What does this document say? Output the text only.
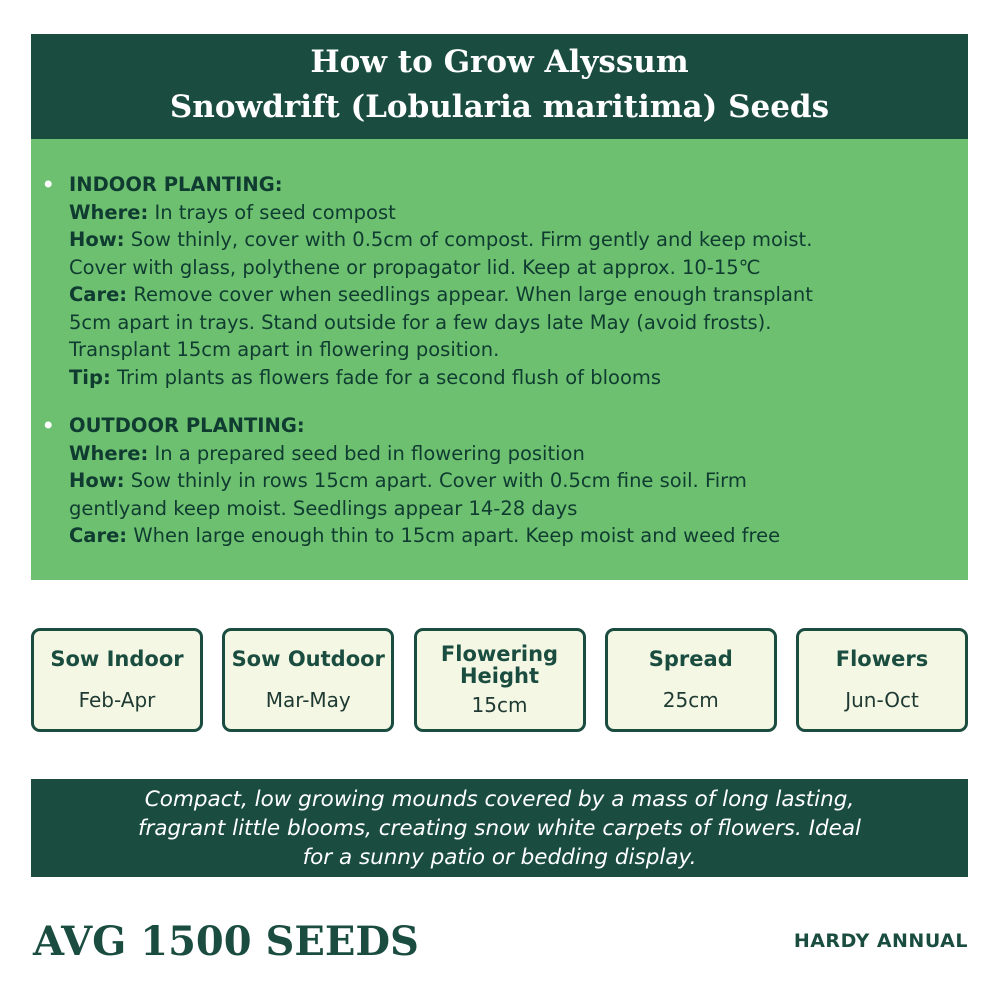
How to Grow Alyssum
Snowdrift (Lobularia maritima) Seeds
• INDOOR PLANTING:
Where: In trays of seed compost
How: Sow thinly, cover with 0.5cm of compost. Firm gently and keep moist.
Cover with glass, polythene or propagator lid. Keep at approx. 10-15℃
Care: Remove cover when seedlings appear. When large enough transplant
5cm apart in trays. Stand outside for a few days late May (avoid frosts).
Transplant 15cm apart in flowering position.
Tip: Trim plants as flowers fade for a second flush of blooms
• OUTDOOR PLANTING:
Where: In a prepared seed bed in flowering position
How: Sow thinly in rows 15cm apart. Cover with 0.5cm fine soil. Firm
gentlyand keep moist. Seedlings appear 14-28 days
Care: When large enough thin to 15cm apart. Keep moist and weed free
Sow Indoor
Feb-Apr
Sow Outdoor
Mar-May
Flowering
Height
15cm
Spread
25cm
Flowers
Jun-Oct
Compact, low growing mounds covered by a mass of long lasting,
fragrant little blooms, creating snow white carpets of flowers. Ideal
for a sunny patio or bedding display.
AVG 1500 SEEDS	HARDY ANNUAL
